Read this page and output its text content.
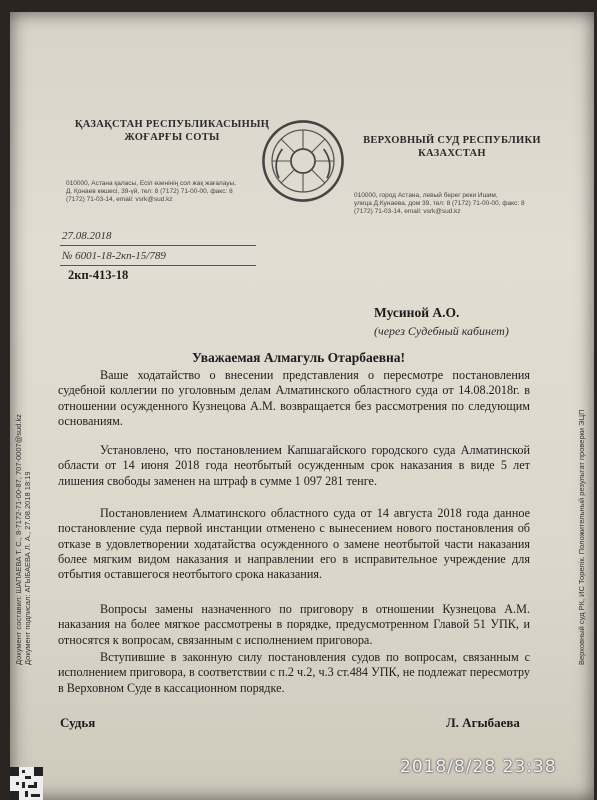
ҚАЗАҚСТАН РЕСПУБЛИКАСЫНЫҢ
ЖОҒАРҒЫ СОТЫ	ВЕРХОВНЫЙ СУД РЕСПУБЛИКИ
КАЗАХСТАН
010000, Астана қаласы, Есіл өзенінің сол жақ жағалауы,
Д. Қонаев көшесі, 39-үй, тел: 8 (7172) 71-00-00, факс: 8
(7172) 71-03-14, email: vsrk@sud.kz
010000, город Астана, левый берег реки Ишим,
улица Д.Кунаева, дом 39, тел: 8 (7172) 71-00-00, факс: 8
(7172) 71-03-14, email: vsrk@sud.kz
27.08.2018
№ 6001-18-2кп-15/789
2кп-413-18
Мусиной А.О.
(через Судебный кабинет)
Уважаемая Алмагуль Отарбаевна!

Ваше ходатайство о внесении представления о пересмотре постановления судебной коллегии по уголовным делам Алматинского областного суда от 14.08.2018г. в отношении осужденного Кузнецова А.М. возвращается без рассмотрения по следующим основаниям.

Установлено, что постановлением Капшагайского городского суда Алматинской области от 14 июня 2018 года неотбытый осужденным срок наказания в виде 5 лет лишения свободы заменен на штраф в сумме 1 097 281 тенге.

Постановлением Алматинского областного суда от 14 августа 2018 года данное постановление суда первой инстанции отменено с вынесением нового постановления об отказе в удовлетворении ходатайства осужденного о замене неотбытой части наказания более мягким видом наказания и направлении его в исправительное учреждение для отбытия оставшегося неотбытого срока наказания.

Вопросы замены назначенного по приговору в отношении Кузнецова А.М. наказания на более мягкое рассмотрены в порядке, предусмотренном Главой 51 УПК, и относятся к вопросам, связанным с исполнением приговора.

Вступившие в законную силу постановления судов по вопросам, связанным с исполнением приговора, в соответствии с п.2 ч.2, ч.3 ст.484 УПК, не подлежат пересмотру в Верховном Суде в кассационном порядке.

Судья	Л. Агыбаева
Документ составил: ШАПАЕВА Т. С., 8-7172-71-00-87, 707-0007@sud.kz Документ подписал: АГЫБАЕВА Л. А., 27.08.2018 18:19	Верховный суд РК, ИС Торелік. Положительный результат проверки ЭЦП
2018/8/28 23:38
